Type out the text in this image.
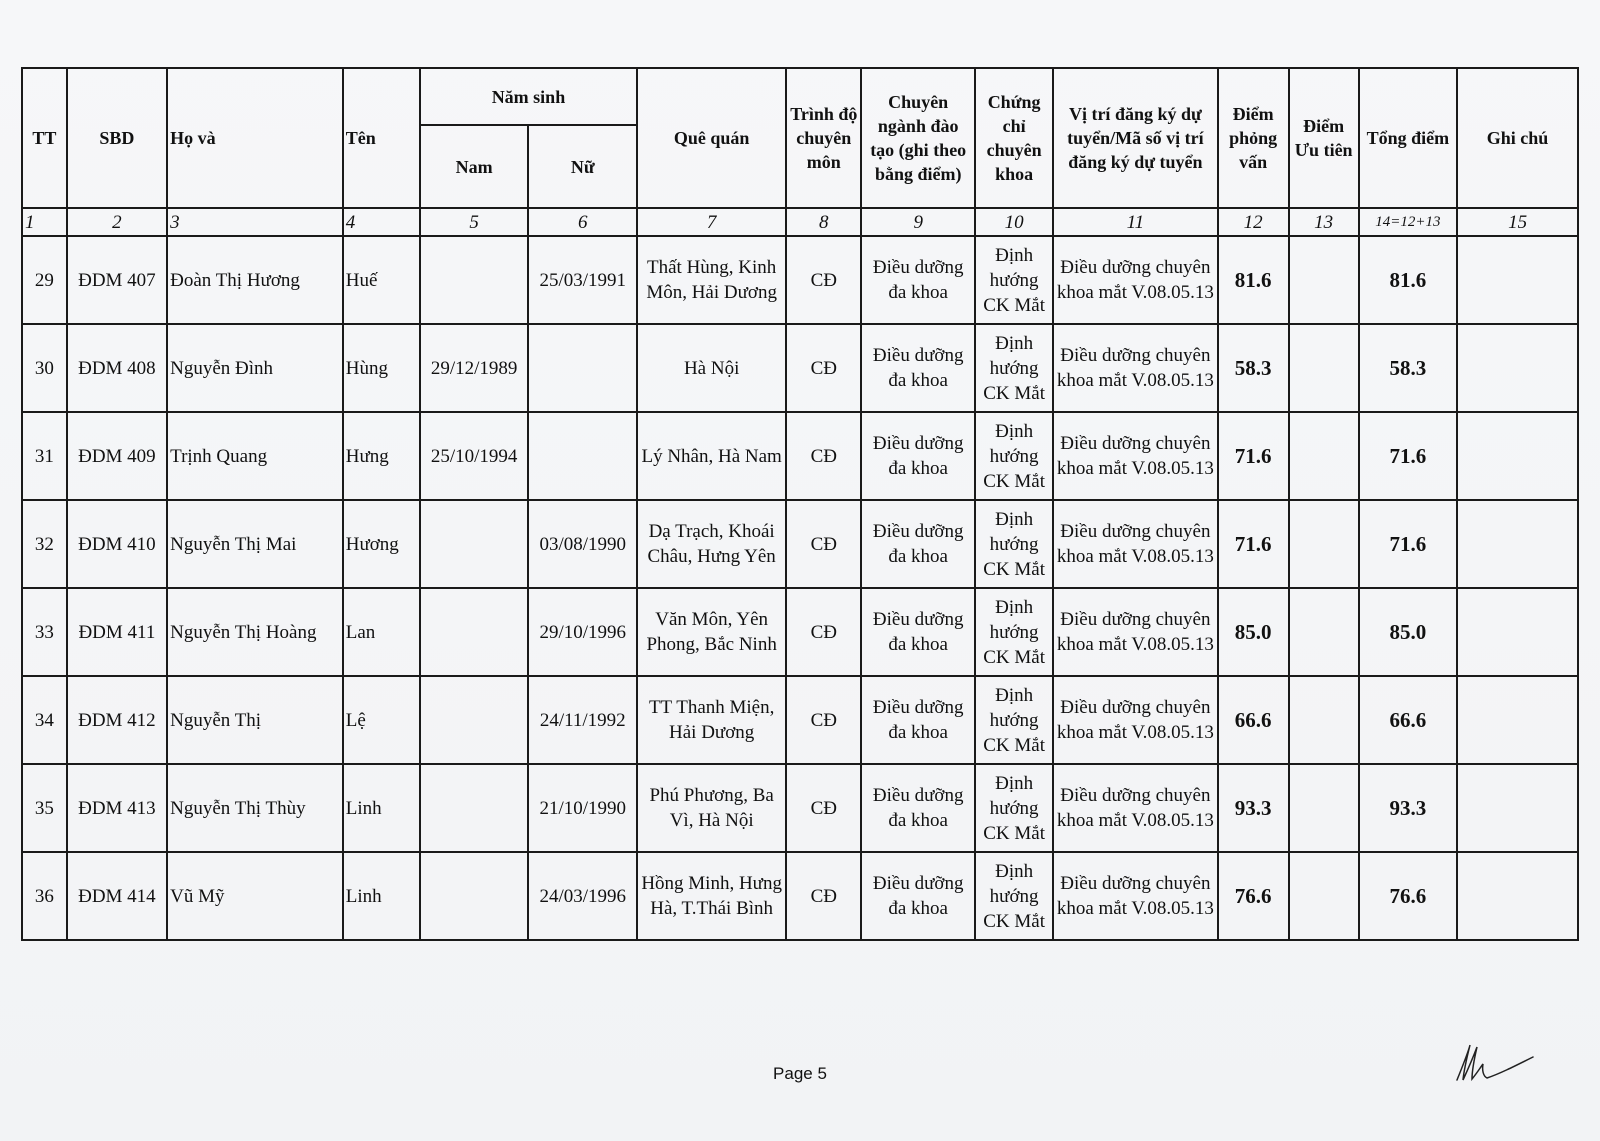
TT	SBD	Họ và	Tên	Năm sinh		Quê quán	Trình độ chuyên môn	Chuyên ngành đào tạo (ghi theo bằng điểm)	Chứng chỉ chuyên khoa	Vị trí đăng ký dự tuyển/Mã số vị trí đăng ký dự tuyển	Điểm phỏng vấn	Điểm Ưu tiên	Tổng điểm	Ghi chú
				Nam	Nữ									
1	2	3	4	5	6	7	8	9	10	11	12	13	14=12+13	15
29	ĐDM 407	Đoàn Thị Hương	Huế		25/03/1991	Thất Hùng, Kinh Môn, Hải Dương	CĐ	Điều dưỡng đa khoa	Định hướng CK Mắt	Điều dưỡng chuyên khoa mắt V.08.05.13	81.6		81.6	
30	ĐDM 408	Nguyễn Đình	Hùng	29/12/1989		Hà Nội	CĐ	Điều dưỡng đa khoa	Định hướng CK Mắt	Điều dưỡng chuyên khoa mắt V.08.05.13	58.3		58.3	
31	ĐDM 409	Trịnh Quang	Hưng	25/10/1994		Lý Nhân, Hà Nam	CĐ	Điều dưỡng đa khoa	Định hướng CK Mắt	Điều dưỡng chuyên khoa mắt V.08.05.13	71.6		71.6	
32	ĐDM 410	Nguyễn Thị Mai	Hương		03/08/1990	Dạ Trạch, Khoái Châu, Hưng Yên	CĐ	Điều dưỡng đa khoa	Định hướng CK Mắt	Điều dưỡng chuyên khoa mắt V.08.05.13	71.6		71.6	
33	ĐDM 411	Nguyễn Thị Hoàng	Lan		29/10/1996	Văn Môn, Yên Phong, Bắc Ninh	CĐ	Điều dưỡng đa khoa	Định hướng CK Mắt	Điều dưỡng chuyên khoa mắt V.08.05.13	85.0		85.0	
34	ĐDM 412	Nguyễn Thị	Lệ		24/11/1992	TT Thanh Miện, Hải Dương	CĐ	Điều dưỡng đa khoa	Định hướng CK Mắt	Điều dưỡng chuyên khoa mắt V.08.05.13	66.6		66.6	
35	ĐDM 413	Nguyễn Thị Thùy	Linh		21/10/1990	Phú Phương, Ba Vì, Hà Nội	CĐ	Điều dưỡng đa khoa	Định hướng CK Mắt	Điều dưỡng chuyên khoa mắt V.08.05.13	93.3		93.3	
36	ĐDM 414	Vũ Mỹ	Linh		24/03/1996	Hồng Minh, Hưng Hà, T.Thái Bình	CĐ	Điều dưỡng đa khoa	Định hướng CK Mắt	Điều dưỡng chuyên khoa mắt V.08.05.13	76.6		76.6	
Page 5
